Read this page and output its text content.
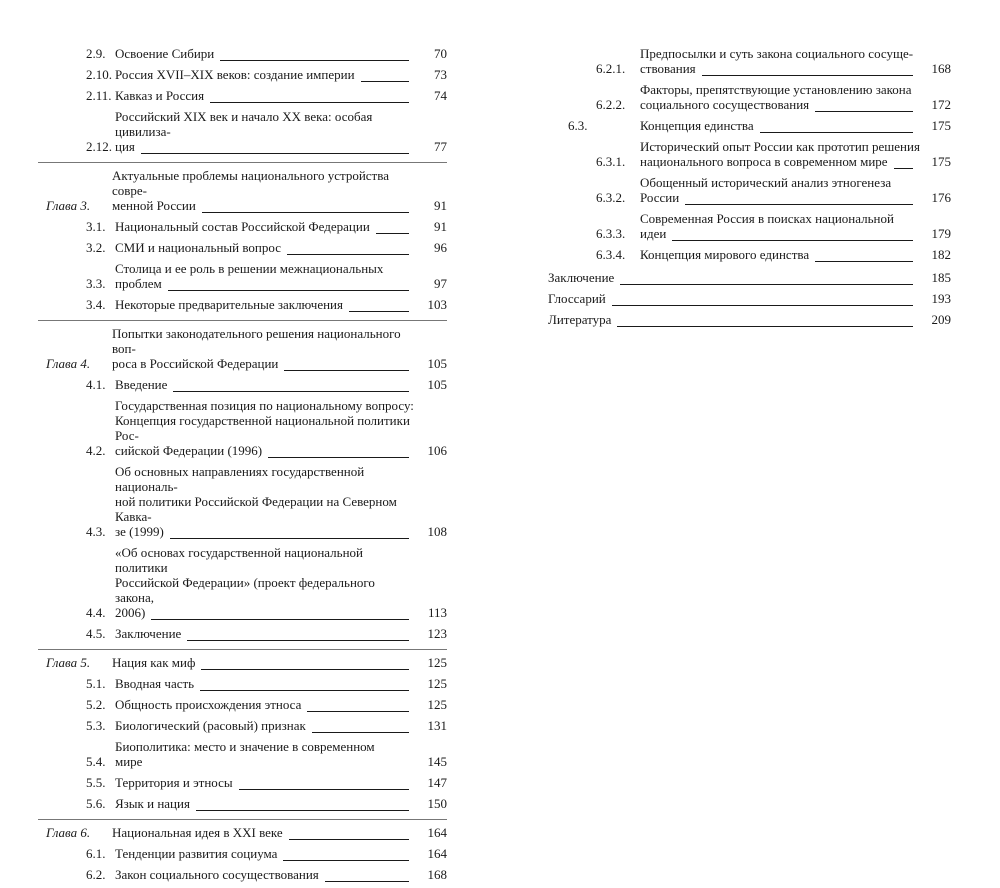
2.9. Освоение Сибири	70
2.10. Россия XVII–XIX веков: создание империи	73
2.11. Кавказ и Россия	74
2.12.
Российский XIX век и начало XX века: особая цивилиза-
ция	77
Глава 3.
Актуальные проблемы национального устройства совре-
менной России	91
3.1. Национальный состав Российской Федерации	91
3.2. СМИ и национальный вопрос	96
3.3.
Столица и ее роль в решении межнациональных
проблем	97
3.4. Некоторые предварительные заключения	103
Глава 4.
Попытки законодательного решения национального воп-
роса в Российской Федерации	105
4.1. Введение	105
4.2.
Государственная позиция по национальному вопросу:
Концепция государственной национальной политики Рос-
сийской Федерации (1996)	106
4.3.
Об основных направлениях государственной националь-
ной политики Российской Федерации на Северном Кавка-
зе (1999)	108
4.4.
«Об основах государственной национальной политики
Российской Федерации» (проект федерального закона,
2006)	113
4.5. Заключение	123
Глава 5.	Нация как миф	125
5.1. Вводная часть	125
5.2. Общность происхождения этноса	125
5.3. Биологический (расовый) признак	131
5.4.
Биополитика: место и значение в современном мире	145
5.5. Территория и этносы	147
5.6. Язык и нация	150
Глава 6.	Национальная идея в XXI веке	164
6.1. Тенденции развития социума	164
6.2. Закон социального сосуществования	168
6.2.1.
Предпосылки и суть закона социального сосуще-
ствования	168
6.2.2.
Факторы, препятствующие установлению закона
социального сосуществования	172
6.3.	Концепция единства	175
6.3.1.
Исторический опыт России как прототип решения
национального вопроса в современном мире	175
6.3.2.
Обощенный исторический анализ этногенеза
России	176
6.3.3.
Современная Россия в поисках национальной
идеи	179
6.3.4.	Концепция мирового единства	182
Заключение	185
Глоссарий	193
Литература	209
